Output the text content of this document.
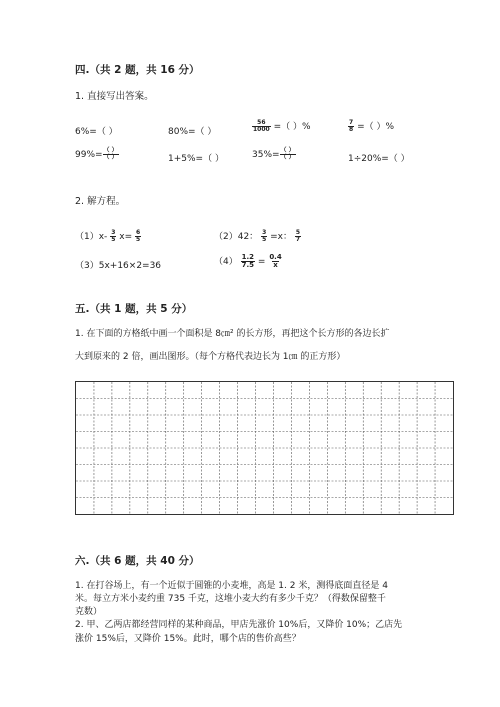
四.（共 2 题，共 16 分）
1. 直接写出答案。
6%=（ ）	80%=（ ）	$\frac{56}{1000}$ =（ ）%	$\frac{7}{8}$ =（ ）%
$99\%= \frac{( )}{( )}$	1+5%=（ ）	$35\%= \frac{( )}{( )}$	1÷20%=（ ）
2. 解方程。
$(1)x- \frac{3}{5} x= \frac{6}{5}$	（2）42： $\frac{3}{5} =x$： $\frac{5}{7}$
（3）5x+16×2=36	$(4) \frac{1.2}{7.5} = \frac{0.4}{x}$
五.（共 1 题，共 5 分）
1. 在下面的方格纸中画一个面积是 8㎝² 的长方形，再把这个长方形的各边长扩
大到原来的 2 倍，画出图形。（每个方格代表边长为 1㎝ 的正方形）
六.（共 6 题，共 40 分）
1. 在打谷场上，有一个近似于圆锥的小麦堆，高是 1. 2 米，测得底面直径是 4
米。每立方米小麦约重 735 千克，这堆小麦大约有多少千克？（得数保留整千
克数）
2. 甲、乙两店都经营同样的某种商品，甲店先涨价 10%后，又降价 10%；乙店先
涨价 15%后，又降价 15%。此时，哪个店的售价高些？
